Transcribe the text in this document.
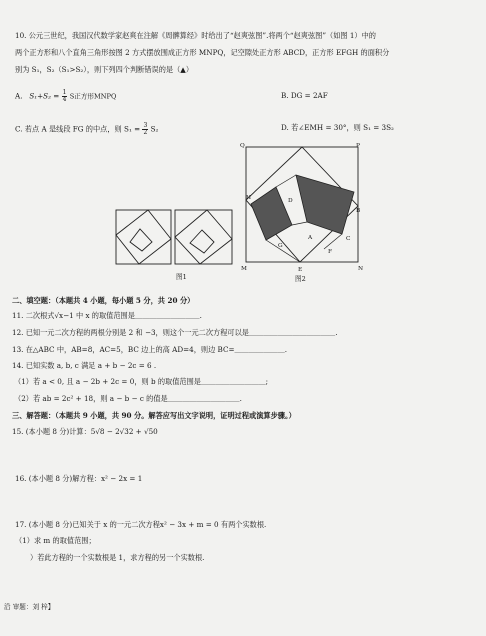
10. 公元三世纪，我国汉代数学家赵爽在注解《周髀算经》时给出了“赵爽弦图”.将两个“赵爽弦图”（如图 1）中的
两个正方形和八个直角三角形按图 2 方式摆放围成正方形 MNPQ，记空隙处正方形 ABCD，正方形 EFGH 的面积分
别为 S₁，S₂（S₁>S₂），则下列四个判断错误的是（▲）
A. $S_1+S_2 = \frac{1}{4}$ S正方形MNPQ	B. DG = 2AF
C. 若点 A 是线段 FG 的中点，则 $S_1 = \frac{3}{2} S_2$	D. 若∠EMH = 30°，则 S₁ = 3S₂
图1
Q	P
M	N
E
B
H	D
A
F
G
C
图2
二、填空题：（本题共 4 小题，每小题 5 分，共 20 分）
11. 二次根式√x−1 中 x 的取值范围是＿＿＿＿＿＿＿＿＿.
12. 已知一元二次方程的两根分别是 2 和 −3，则这个一元二次方程可以是＿＿＿＿＿＿＿＿＿＿＿＿.
13. 在△ABC 中，AB=8，AC=5，BC 边上的高 AD=4，则边 BC=＿＿＿＿＿＿＿.
14. 已知实数 a, b, c 满足 a + b − 2c = 6 .
（1）若 a < 0, 且 a − 2b + 2c = 0，则 b 的取值范围是＿＿＿＿＿＿＿＿＿;
（2）若 ab = 2c² + 18，则 a − b − c 的值是＿＿＿＿＿＿＿＿＿＿.
三、解答题：（本题共 9 小题，共 90 分。解答应写出文字说明，证明过程或演算步骤。）
15. (本小题 8 分)计算：5√8 − 2√32 + √50
16. (本小题 8 分)解方程：x² − 2x = 1
17. (本小题 8 分)已知关于 x 的一元二次方程x² − 3x + m = 0 有两个实数根.
（1）求 m 的取值范围；
）若此方程的一个实数根是 1，求方程的另一个实数根.
沿 审题：刘 梓】
